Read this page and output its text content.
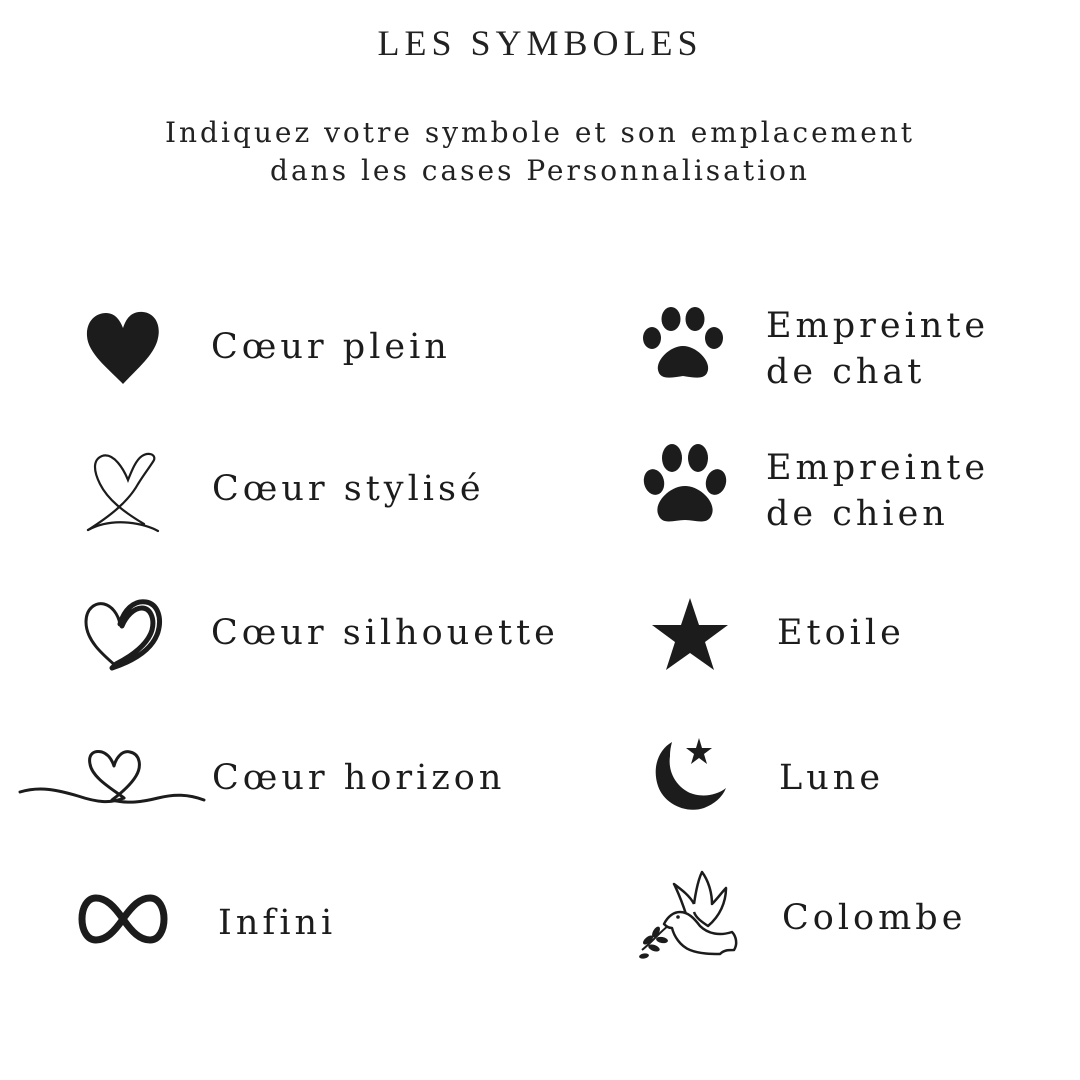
LES SYMBOLES
Indiquez votre symbole et son emplacement
dans les cases Personnalisation
Cœur plein
Cœur stylisé
Cœur silhouette
Cœur horizon
Infini
Empreinte
de chat
Empreinte
de chien
Etoile
Lune
Colombe
